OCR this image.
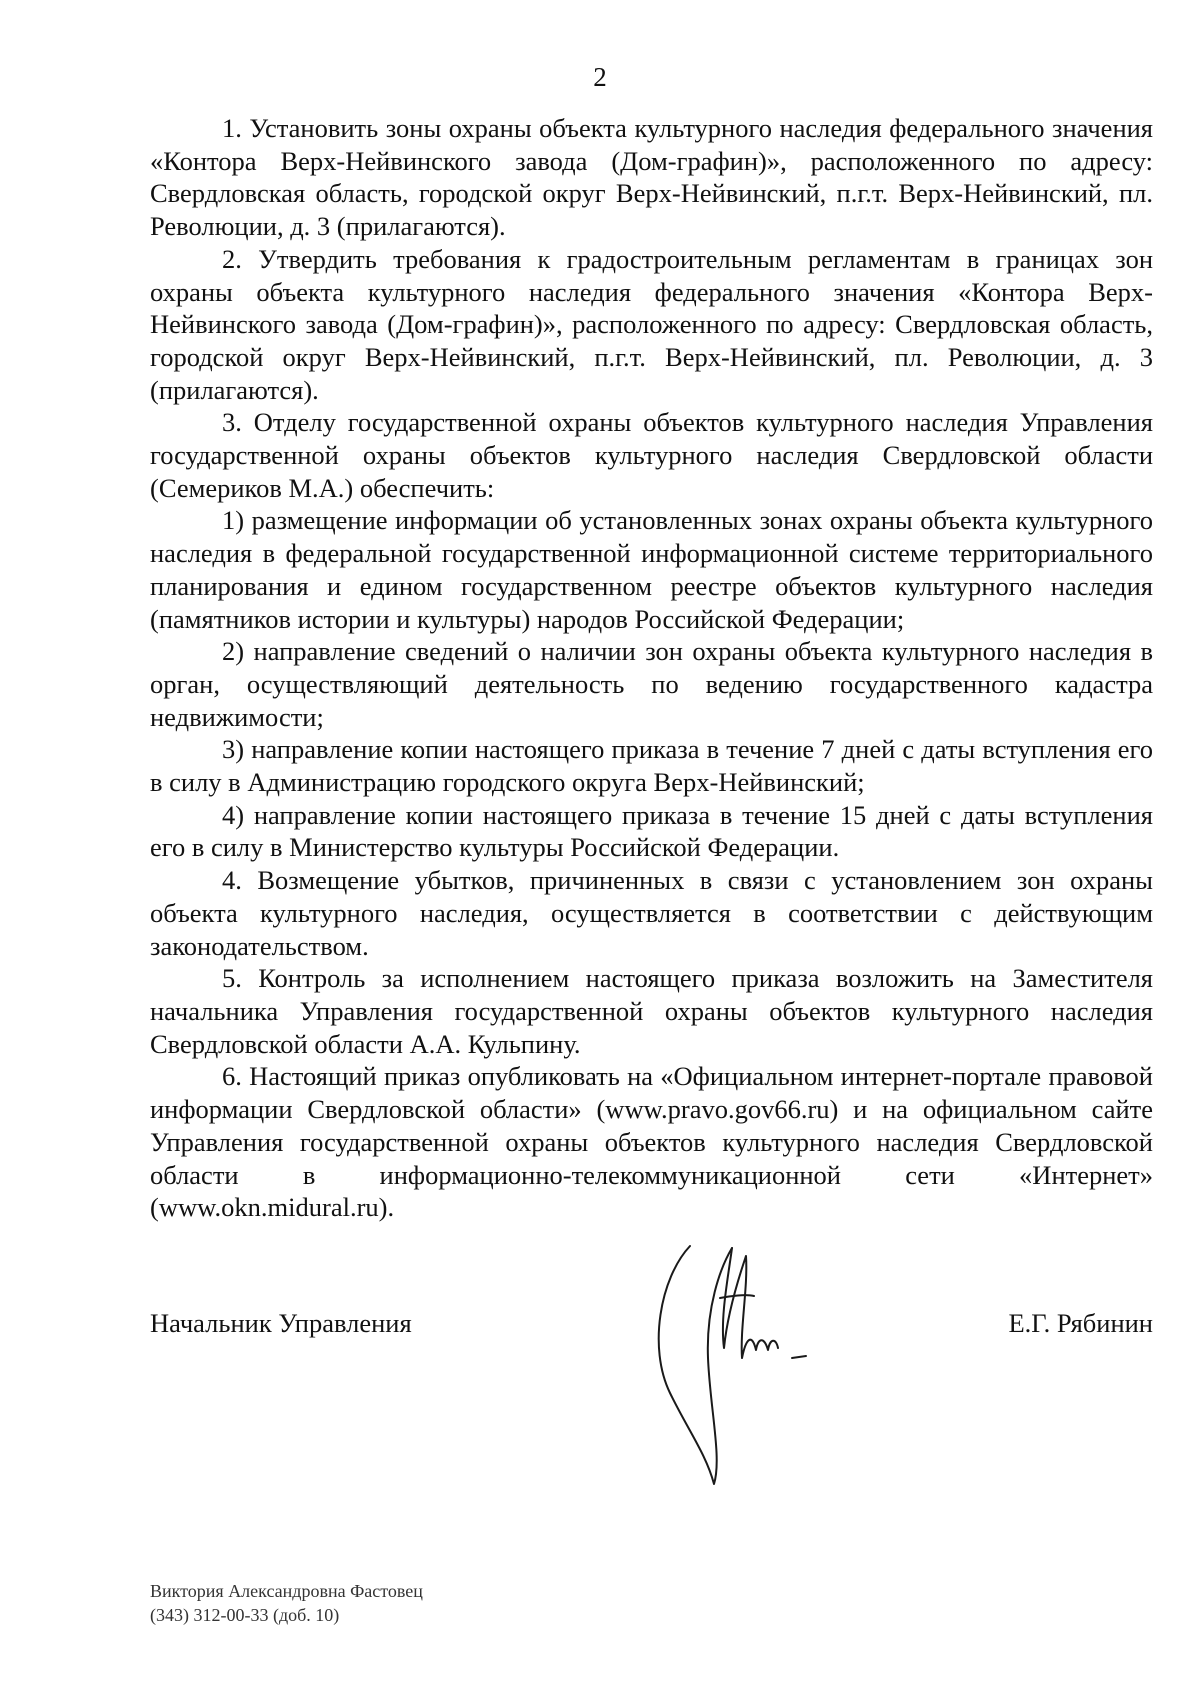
2

1. Установить зоны охраны объекта культурного наследия федерального значения «Контора Верх-Нейвинского завода (Дом-графин)», расположенного по адресу: Свердловская область, городской округ Верх-Нейвинский, п.г.т. Верх-Нейвинский, пл. Революции, д. 3 (прилагаются).

2. Утвердить требования к градостроительным регламентам в границах зон охраны объекта культурного наследия федерального значения «Контора Верх-Нейвинского завода (Дом-графин)», расположенного по адресу: Свердловская область, городской округ Верх-Нейвинский, п.г.т. Верх-Нейвинский, пл. Революции, д. 3 (прилагаются).

3. Отделу государственной охраны объектов культурного наследия Управления государственной охраны объектов культурного наследия Свердловской области (Семериков М.А.) обеспечить:

1) размещение информации об установленных зонах охраны объекта культурного наследия в федеральной государственной информационной системе территориального планирования и едином государственном реестре объектов культурного наследия (памятников истории и культуры) народов Российской Федерации;

2) направление сведений о наличии зон охраны объекта культурного наследия в орган, осуществляющий деятельность по ведению государственного кадастра недвижимости;

3) направление копии настоящего приказа в течение 7 дней с даты вступления его в силу в Администрацию городского округа Верх-Нейвинский;

4) направление копии настоящего приказа в течение 15 дней с даты вступления его в силу в Министерство культуры Российской Федерации.

4. Возмещение убытков, причиненных в связи с установлением зон охраны объекта культурного наследия, осуществляется в соответствии с действующим законодательством.

5. Контроль за исполнением настоящего приказа возложить на Заместителя начальника Управления государственной охраны объектов культурного наследия Свердловской области А.А. Кульпину.

6. Настоящий приказ опубликовать на «Официальном интернет-портале правовой информации Свердловской области» (www.pravo.gov66.ru) и на официальном сайте Управления государственной охраны объектов культурного наследия Свердловской области в информационно-телекоммуникационной сети «Интернет» (www.okn.midural.ru).

Начальник Управления	Е.Г. Рябинин
Виктория Александровна Фастовец
(343) 312-00-33 (доб. 10)
